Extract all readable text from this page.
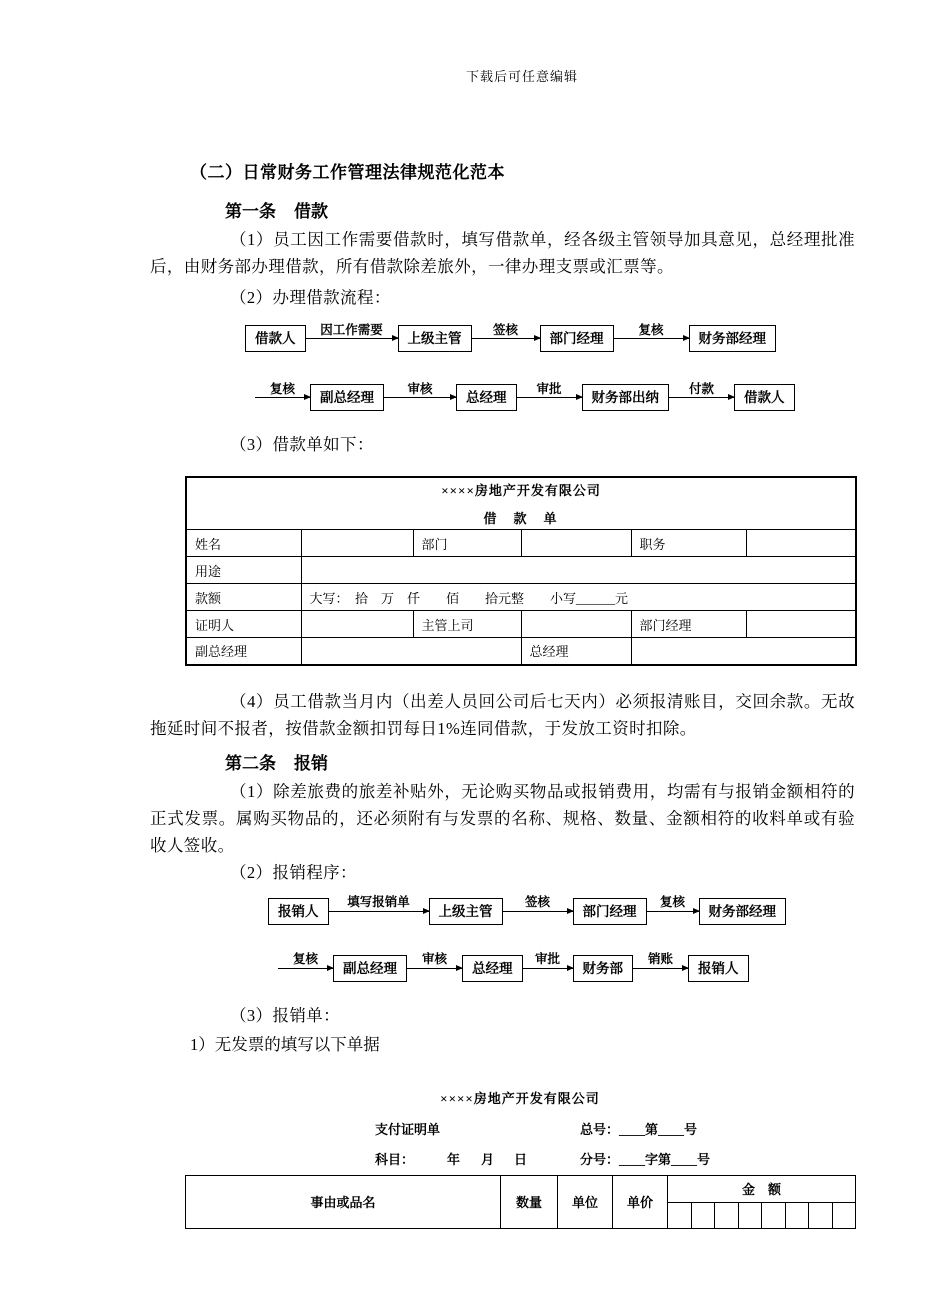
下载后可任意编辑
（二）日常财务工作管理法律规范化范本
第一条 借款

（1）员工因工作需要借款时，填写借款单，经各级主管领导加具意见，总经理批准后，由财务部办理借款，所有借款除差旅外，一律办理支票或汇票等。

（2）办理借款流程：

借款人
因工作需要
上级主管
签核
部门经理
复核
财务部经理
复核
副总经理
审核
总经理
审批
财务部出纳
付款
借款人

（3）借款单如下：

××××房地产开发有限公司
借　款　单					

姓名		部门		职务	
用途					
款额	大写：　拾　万　仟　　佰　　拾元整　　小写______元				
证明人		主管上司		部门经理	
副总经理			总经理		

（4）员工借款当月内（出差人员回公司后七天内）必须报清账目，交回余款。无故拖延时间不报者，按借款金额扣罚每日1%连同借款，于发放工资时扣除。

第二条 报销

（1）除差旅费的旅差补贴外，无论购买物品或报销费用，均需有与报销金额相符的正式发票。属购买物品的，还必须附有与发票的名称、规格、数量、金额相符的收料单或有验收人签收。

（2）报销程序：

报销人
填写报销单
上级主管
签核
部门经理
复核
财务部经理
复核
副总经理
审核
总经理
审批
财务部
销账
报销人

（3）报销单：

1）无发票的填写以下单据

××××房地产开发有限公司
支付证明单	总号：____第____号
科目：	年 月 日	分号：____字第____号
事由或品名	数量	单位	单价	金　额							
